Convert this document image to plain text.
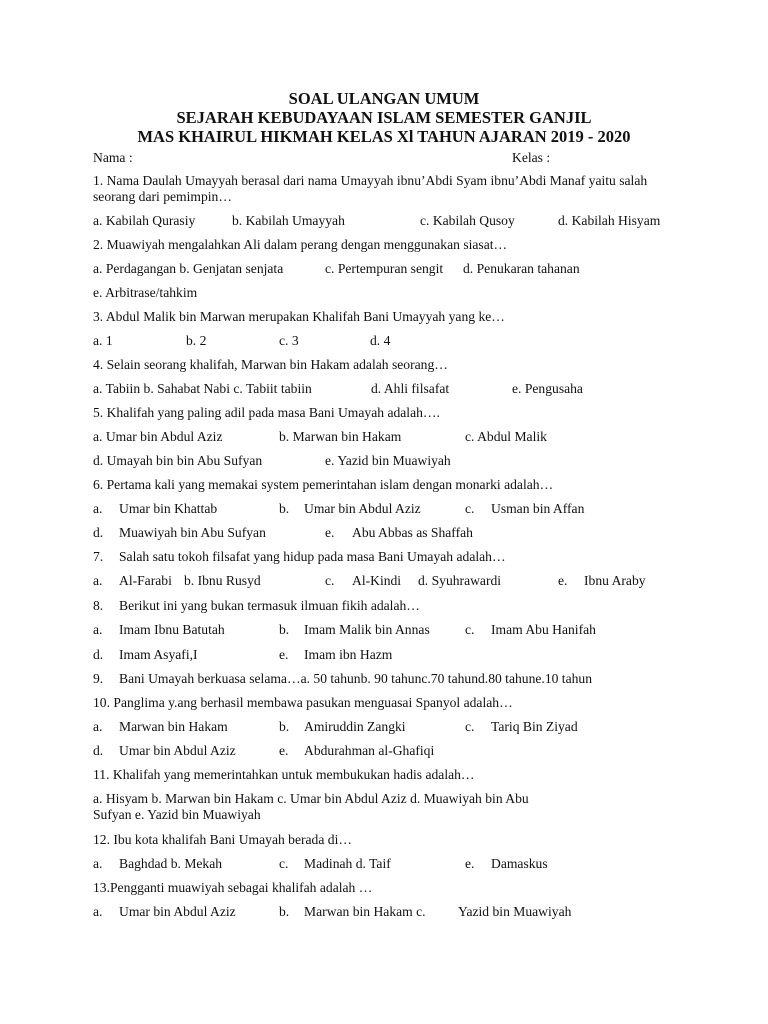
SOAL ULANGAN UMUM
SEJARAH KEBUDAYAAN ISLAM SEMESTER GANJIL
MAS KHAIRUL HIKMAH KELAS Xl TAHUN AJARAN 2019 - 2020
Nama :	Kelas :
1. Nama Daulah Umayyah berasal dari nama Umayyah ibnu’Abdi Syam ibnu’Abdi Manaf yaitu salah seorang dari pemimpin…
a. Kabilah Qurasiy	b. Kabilah Umayyah	c. Kabilah Qusoy	d. Kabilah Hisyam
2. Muawiyah mengalahkan Ali dalam perang dengan menggunakan siasat…
a. Perdagangan b. Genjatan senjata	c. Pertempuran sengit d. Penukaran tahanan
e. Arbitrase/tahkim
3. Abdul Malik bin Marwan merupakan Khalifah Bani Umayyah yang ke…
a. 1	b. 2	c. 3	d. 4
4. Selain seorang khalifah, Marwan bin Hakam adalah seorang…
a. Tabiin b. Sahabat Nabi c. Tabiit tabiin	d. Ahli filsafat	e. Pengusaha
5. Khalifah yang paling adil pada masa Bani Umayah adalah….
a. Umar bin Abdul Aziz	b. Marwan bin Hakam	c. Abdul Malik
d. Umayah bin bin Abu Sufyan	e. Yazid bin Muawiyah
6. Pertama kali yang memakai system pemerintahan islam dengan monarki adalah…
a. Umar bin Khattab	b. Umar bin Abdul Aziz	c. Usman bin Affan
d. Muawiyah bin Abu Sufyan	e. Abu Abbas as Shaffah
7. Salah satu tokoh filsafat yang hidup pada masa Bani Umayah adalah…
a. Al-Farabi b. Ibnu Rusyd	c. Al-Kindi d. Syuhrawardi	e. Ibnu Araby
8. Berikut ini yang bukan termasuk ilmuan fikih adalah…
a. Imam Ibnu Batutah	b. Imam Malik bin Annas	c. Imam Abu Hanifah
d. Imam Asyafi,I	e. Imam ibn Hazm
9. Bani Umayah berkuasa selama…a. 50 tahunb. 90 tahunc.70 tahund.80 tahune.10 tahun
10. Panglima y.ang berhasil membawa pasukan menguasai Spanyol adalah…
a. Marwan bin Hakam	b. Amiruddin Zangki	c. Tariq Bin Ziyad
d. Umar bin Abdul Aziz	e. Abdurahman al-Ghafiqi
11. Khalifah yang memerintahkan untuk membukukan hadis adalah…
a. Hisyam b. Marwan bin Hakam c. Umar bin Abdul Aziz d. Muawiyah bin Abu
Sufyan e. Yazid bin Muawiyah
12. Ibu kota khalifah Bani Umayah berada di…
a. Baghdad b. Mekah	c. Madinah d. Taif	e. Damaskus
13.Pengganti muawiyah sebagai khalifah adalah …
a. Umar bin Abdul Aziz	b. Marwan bin Hakam c. Yazid bin Muawiyah
